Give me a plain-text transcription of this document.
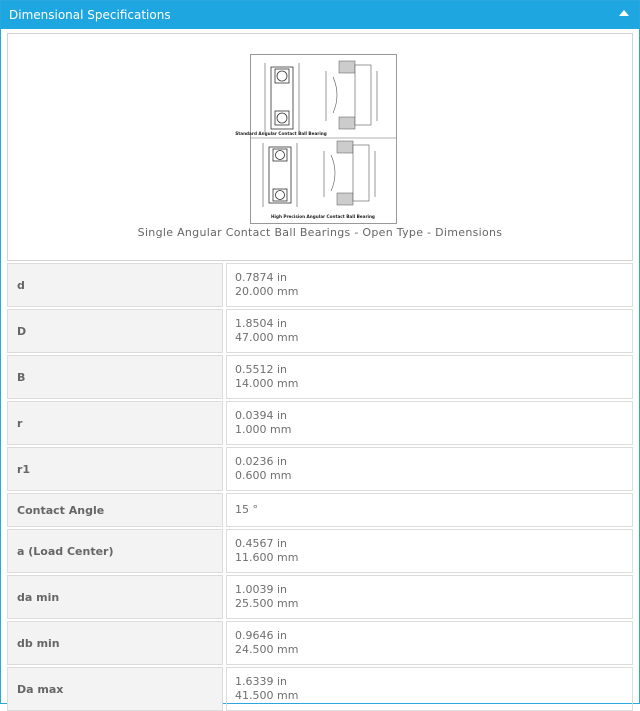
Dimensional Specifications
Standard Angular Contact Ball Bearing
High Precision Angular Contact Ball Bearing
Single Angular Contact Ball Bearings - Open Type - Dimensions
d
0.7874 in
20.000 mm
D
1.8504 in
47.000 mm
B
0.5512 in
14.000 mm
r
0.0394 in
1.000 mm
r1
0.0236 in
0.600 mm
Contact Angle	15 °
a (Load Center)
0.4567 in
11.600 mm
da min
1.0039 in
25.500 mm
db min
0.9646 in
24.500 mm
Da max
1.6339 in
41.500 mm
